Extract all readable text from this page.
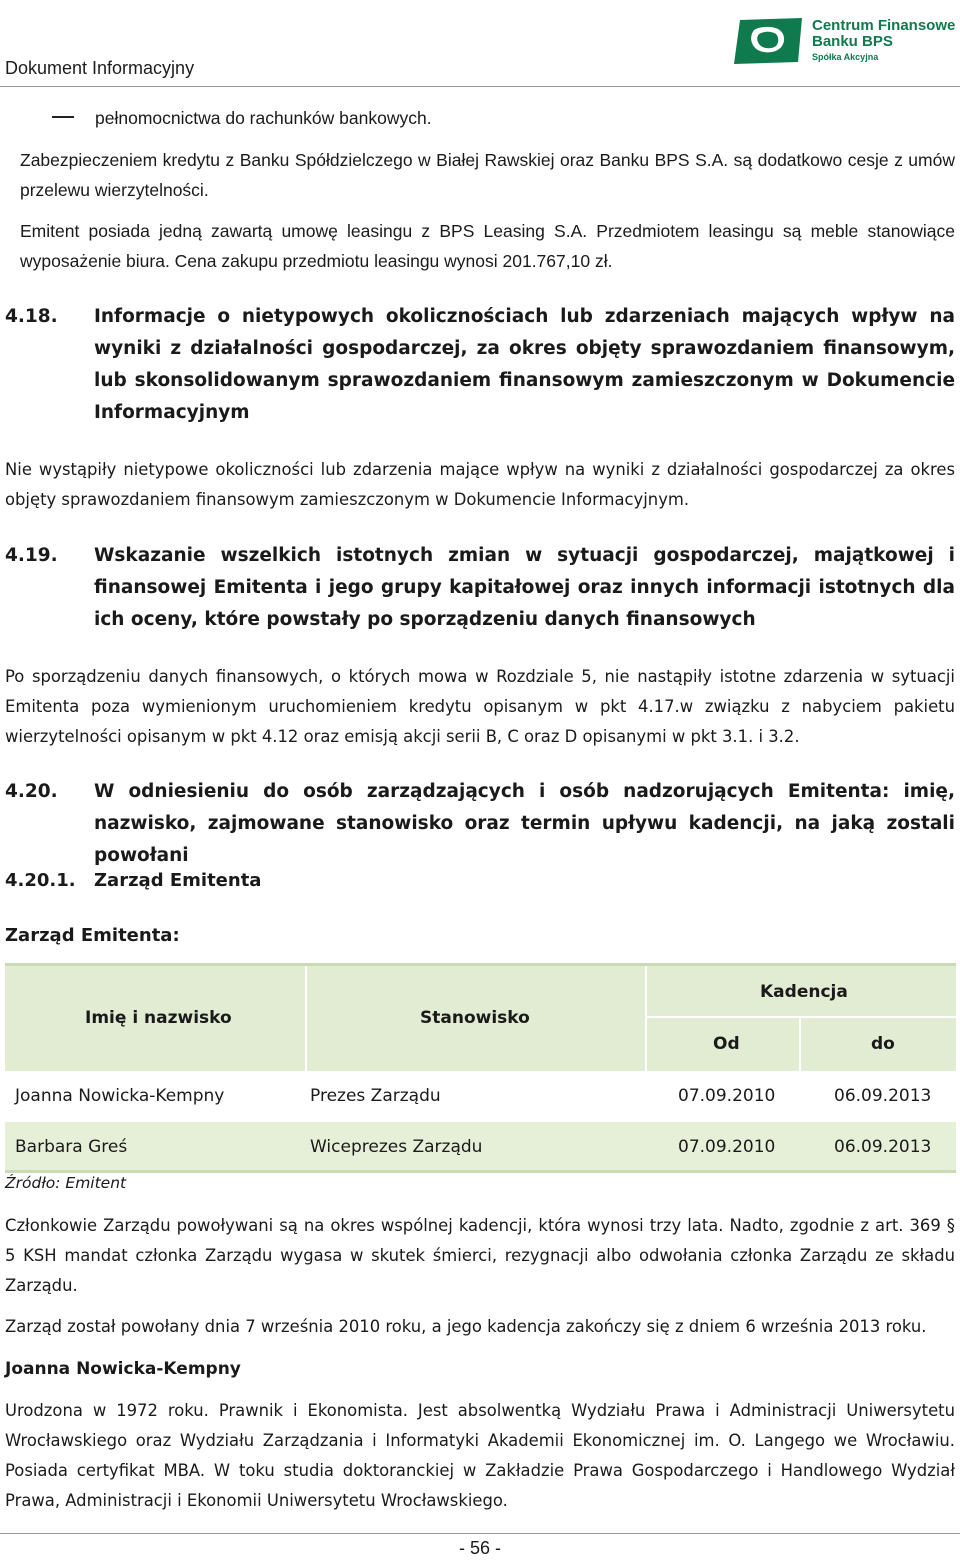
Dokument Informacyjny
Centrum Finansowe
Banku BPS
Spółka Akcyjna
pełnomocnictwa do rachunków bankowych.
Zabezpieczeniem kredytu z Banku Spółdzielczego w Białej Rawskiej oraz Banku BPS S.A. są dodatkowo cesje z umów przelewu wierzytelności.
Emitent posiada jedną zawartą umowę leasingu z BPS Leasing S.A. Przedmiotem leasingu są meble stanowiące wyposażenie biura. Cena zakupu przedmiotu leasingu wynosi 201.767,10 zł.
4.18. Informacje o nietypowych okolicznościach lub zdarzeniach mających wpływ na wyniki z działalności gospodarczej, za okres objęty sprawozdaniem finansowym, lub skonsolidowanym sprawozdaniem finansowym zamieszczonym w Dokumencie Informacyjnym
Nie wystąpiły nietypowe okoliczności lub zdarzenia mające wpływ na wyniki z działalności gospodarczej za okres objęty sprawozdaniem finansowym zamieszczonym w Dokumencie Informacyjnym.
4.19. Wskazanie wszelkich istotnych zmian w sytuacji gospodarczej, majątkowej i finansowej Emitenta i jego grupy kapitałowej oraz innych informacji istotnych dla ich oceny, które powstały po sporządzeniu danych finansowych
Po sporządzeniu danych finansowych, o których mowa w Rozdziale 5, nie nastąpiły istotne zdarzenia w sytuacji Emitenta poza wymienionym uruchomieniem kredytu opisanym w pkt 4.17.w związku z nabyciem pakietu wierzytelności opisanym w pkt 4.12 oraz emisją akcji serii B, C oraz D opisanymi w pkt 3.1. i 3.2.
4.20. W odniesieniu do osób zarządzających i osób nadzorujących Emitenta: imię, nazwisko, zajmowane stanowisko oraz termin upływu kadencji, na jaką zostali powołani
4.20.1. Zarząd Emitenta
Zarząd Emitenta:
Imię i nazwisko	Stanowisko
Kadencja
Od	do
Joanna Nowicka-Kempny	Prezes Zarządu	07.09.2010	06.09.2013
Barbara Greś	Wiceprezes Zarządu	07.09.2010	06.09.2013
Źródło: Emitent
Członkowie Zarządu powoływani są na okres wspólnej kadencji, która wynosi trzy lata. Nadto, zgodnie z art. 369 § 5 KSH mandat członka Zarządu wygasa w skutek śmierci, rezygnacji albo odwołania członka Zarządu ze składu Zarządu.
Zarząd został powołany dnia 7 września 2010 roku, a jego kadencja zakończy się z dniem 6 września 2013 roku.
Joanna Nowicka-Kempny
Urodzona w 1972 roku. Prawnik i Ekonomista. Jest absolwentką Wydziału Prawa i Administracji Uniwersytetu Wrocławskiego oraz Wydziału Zarządzania i Informatyki Akademii Ekonomicznej im. O. Langego we Wrocławiu. Posiada certyfikat MBA. W toku studia doktoranckiej w Zakładzie Prawa Gospodarczego i Handlowego Wydział Prawa, Administracji i Ekonomii Uniwersytetu Wrocławskiego.
- 56 -
